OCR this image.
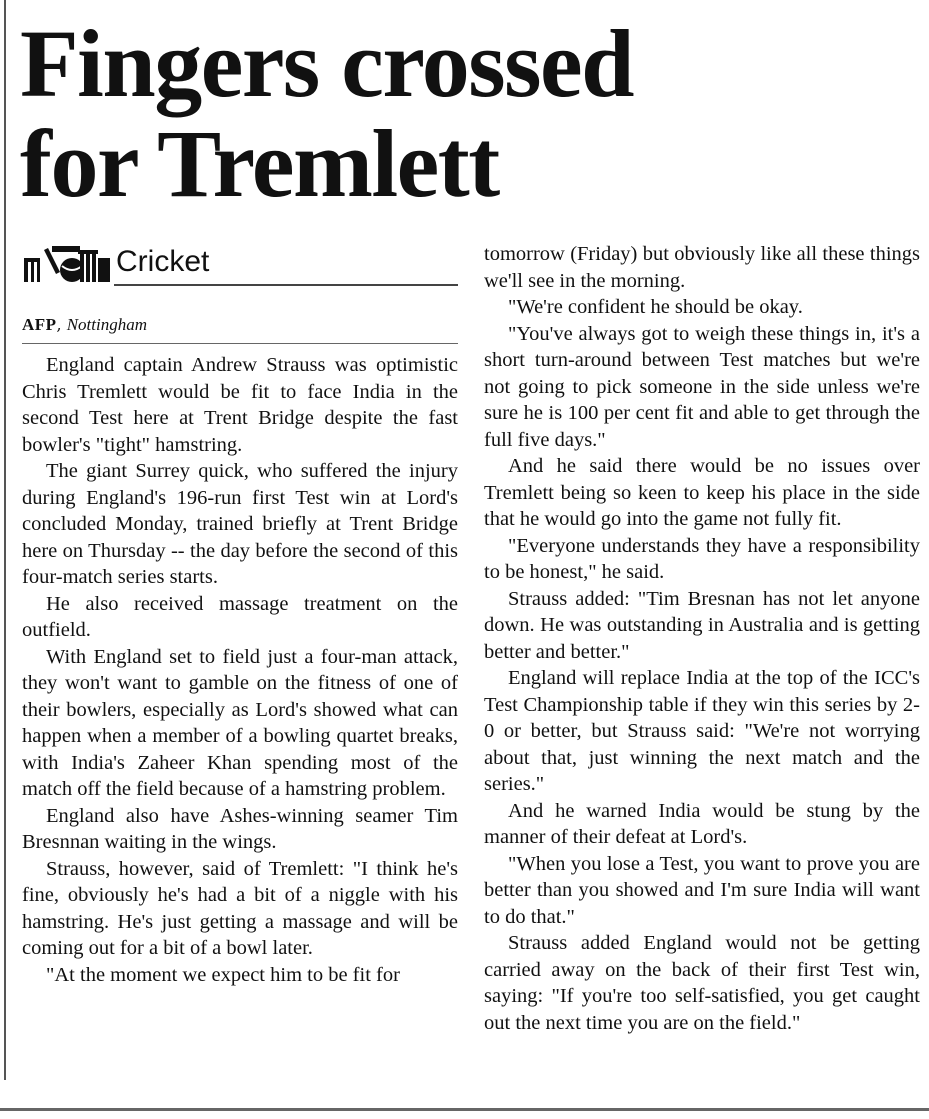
Fingers crossed
for Tremlett
Cricket
AFP, Nottingham

England captain Andrew Strauss was optimistic Chris Tremlett would be fit to face India in the second Test here at Trent Bridge despite the fast bowler's "tight" hamstring.

The giant Surrey quick, who suffered the injury during England's 196-run first Test win at Lord's concluded Monday, trained briefly at Trent Bridge here on Thursday -- the day before the second of this four-match series starts.

He also received massage treatment on the outfield.

With England set to field just a four-man attack, they won't want to gamble on the fitness of one of their bowlers, especially as Lord's showed what can happen when a member of a bowling quartet breaks, with India's Zaheer Khan spending most of the match off the field because of a hamstring problem.

England also have Ashes-winning seamer Tim Bresnnan waiting in the wings.

Strauss, however, said of Tremlett: "I think he's fine, obviously he's had a bit of a niggle with his hamstring. He's just getting a massage and will be coming out for a bit of a bowl later.

"At the moment we expect him to be fit for

tomorrow (Friday) but obviously like all these things we'll see in the morning.

"We're confident he should be okay.

"You've always got to weigh these things in, it's a short turn-around between Test matches but we're not going to pick someone in the side unless we're sure he is 100 per cent fit and able to get through the full five days."

And he said there would be no issues over Tremlett being so keen to keep his place in the side that he would go into the game not fully fit.

"Everyone understands they have a responsibility to be honest," he said.

Strauss added: "Tim Bresnan has not let anyone down. He was outstanding in Australia and is getting better and better."

England will replace India at the top of the ICC's Test Championship table if they win this series by 2-0 or better, but Strauss said: "We're not worrying about that, just winning the next match and the series."

And he warned India would be stung by the manner of their defeat at Lord's.

"When you lose a Test, you want to prove you are better than you showed and I'm sure India will want to do that."

Strauss added England would not be getting carried away on the back of their first Test win, saying: "If you're too self-satisfied, you get caught out the next time you are on the field."
